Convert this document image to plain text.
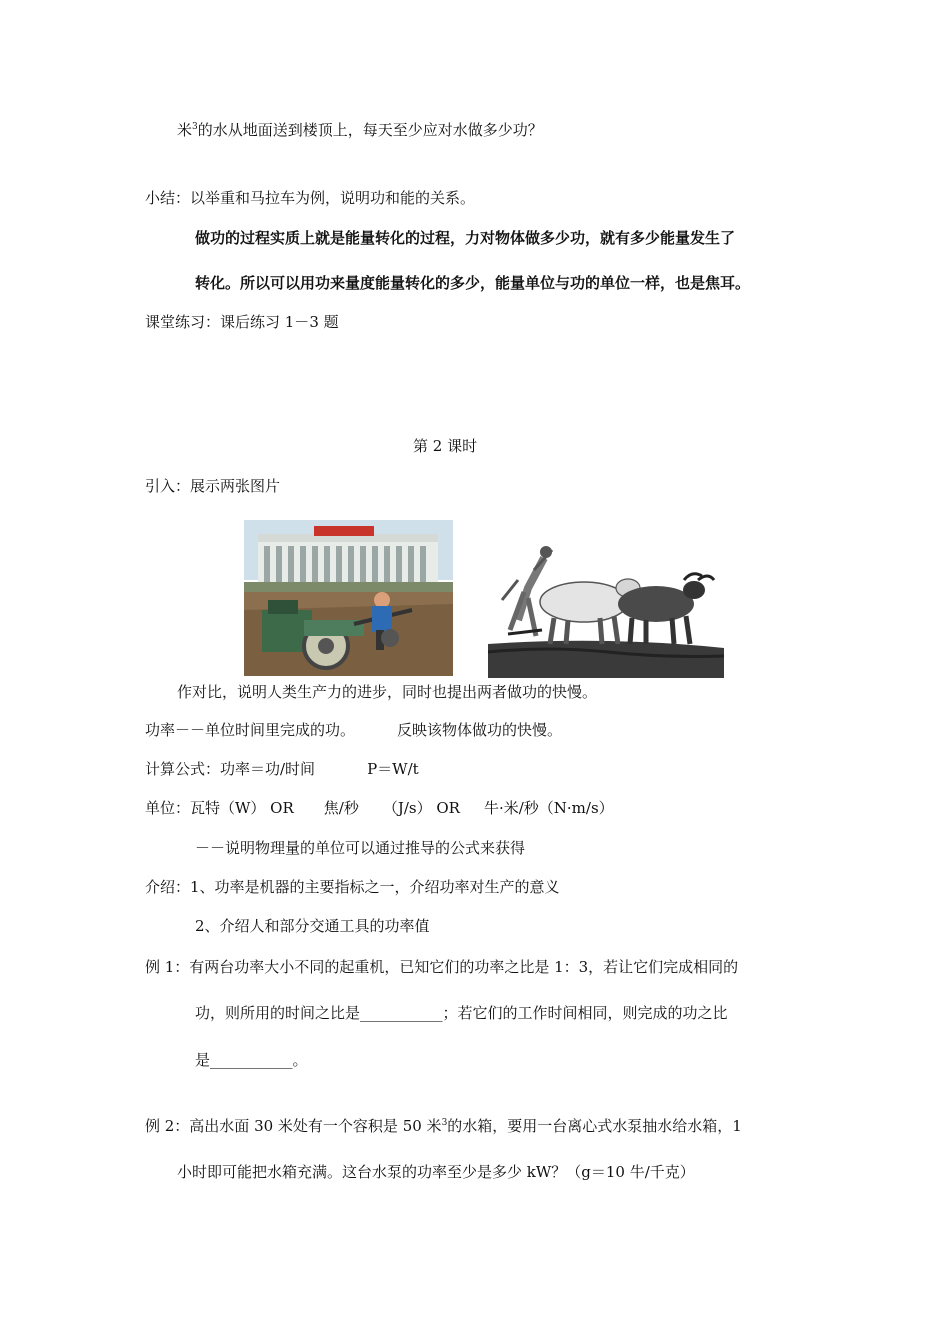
米$^3$的水从地面送到楼顶上，每天至少应对水做多少功？
小结：以举重和马拉车为例，说明功和能的关系。
做功的过程实质上就是能量转化的过程，力对物体做多少功，就有多少能量发生了
转化。所以可以用功来量度能量转化的多少，能量单位与功的单位一样，也是焦耳。
课堂练习：课后练习 1－3 题
第 2 课时
引入：展示两张图片
作对比，说明人类生产力的进步，同时也提出两者做功的快慢。
功率－－单位时间里完成的功。	反映该物体做功的快慢。
计算公式：功率＝功/时间	P＝W/t
单位：瓦特（W） OR 焦/秒 （J/s） OR 牛·米/秒（N·m/s）
－－说明物理量的单位可以通过推导的公式来获得
介绍：1、功率是机器的主要指标之一，介绍功率对生产的意义
2、介绍人和部分交通工具的功率值
例 1：有两台功率大小不同的起重机，已知它们的功率之比是 1：3，若让它们完成相同的
功，则所用的时间之比是___________；若它们的工作时间相同，则完成的功之比
是___________。
例 2：高出水面 30 米处有一个容积是 50 米$^3$的水箱，要用一台离心式水泵抽水给水箱，1
小时即可能把水箱充满。这台水泵的功率至少是多少 kW？（g＝10 牛/千克）
